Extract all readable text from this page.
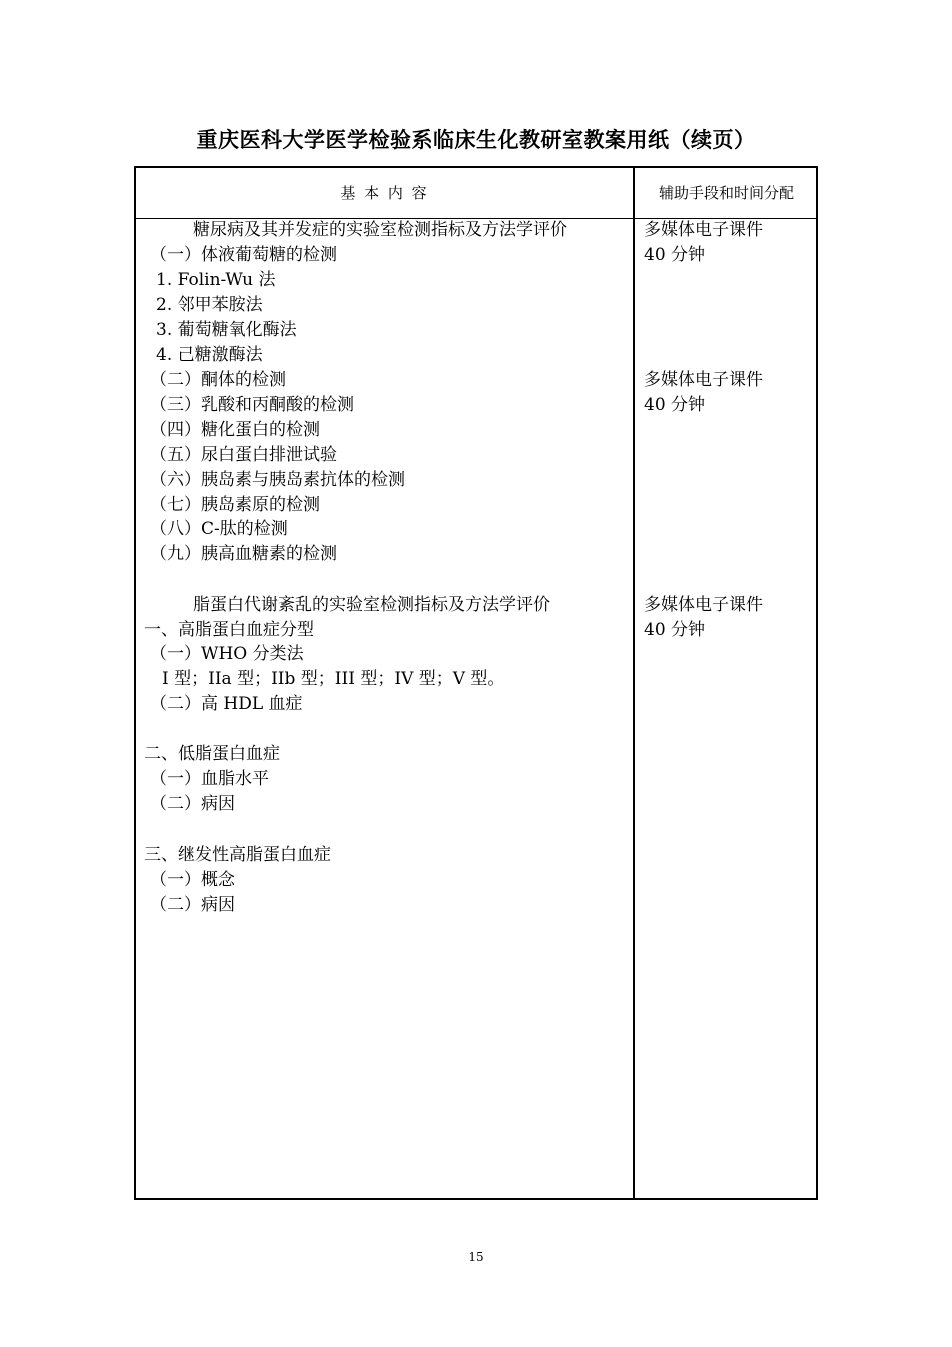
重庆医科大学医学检验系临床生化教研室教案用纸（续页）
基 本 内 容	辅助手段和时间分配
糖尿病及其并发症的实验室检测指标及方法学评价
（一）体液葡萄糖的检测
1. Folin-Wu 法
2. 邻甲苯胺法
3. 葡萄糖氧化酶法
4. 己糖激酶法
（二）酮体的检测
（三）乳酸和丙酮酸的检测
（四）糖化蛋白的检测
（五）尿白蛋白排泄试验
（六）胰岛素与胰岛素抗体的检测
（七）胰岛素原的检测
（八）C-肽的检测
（九）胰高血糖素的检测
脂蛋白代谢紊乱的实验室检测指标及方法学评价
一、高脂蛋白血症分型
（一）WHO 分类法
I 型；IIa 型；IIb 型；III 型；IV 型；V 型。
（二）高 HDL 血症
二、低脂蛋白血症
（一）血脂水平
（二）病因
三、继发性高脂蛋白血症
（一）概念
（二）病因
多媒体电子课件
40 分钟
多媒体电子课件
40 分钟
多媒体电子课件
40 分钟
15
